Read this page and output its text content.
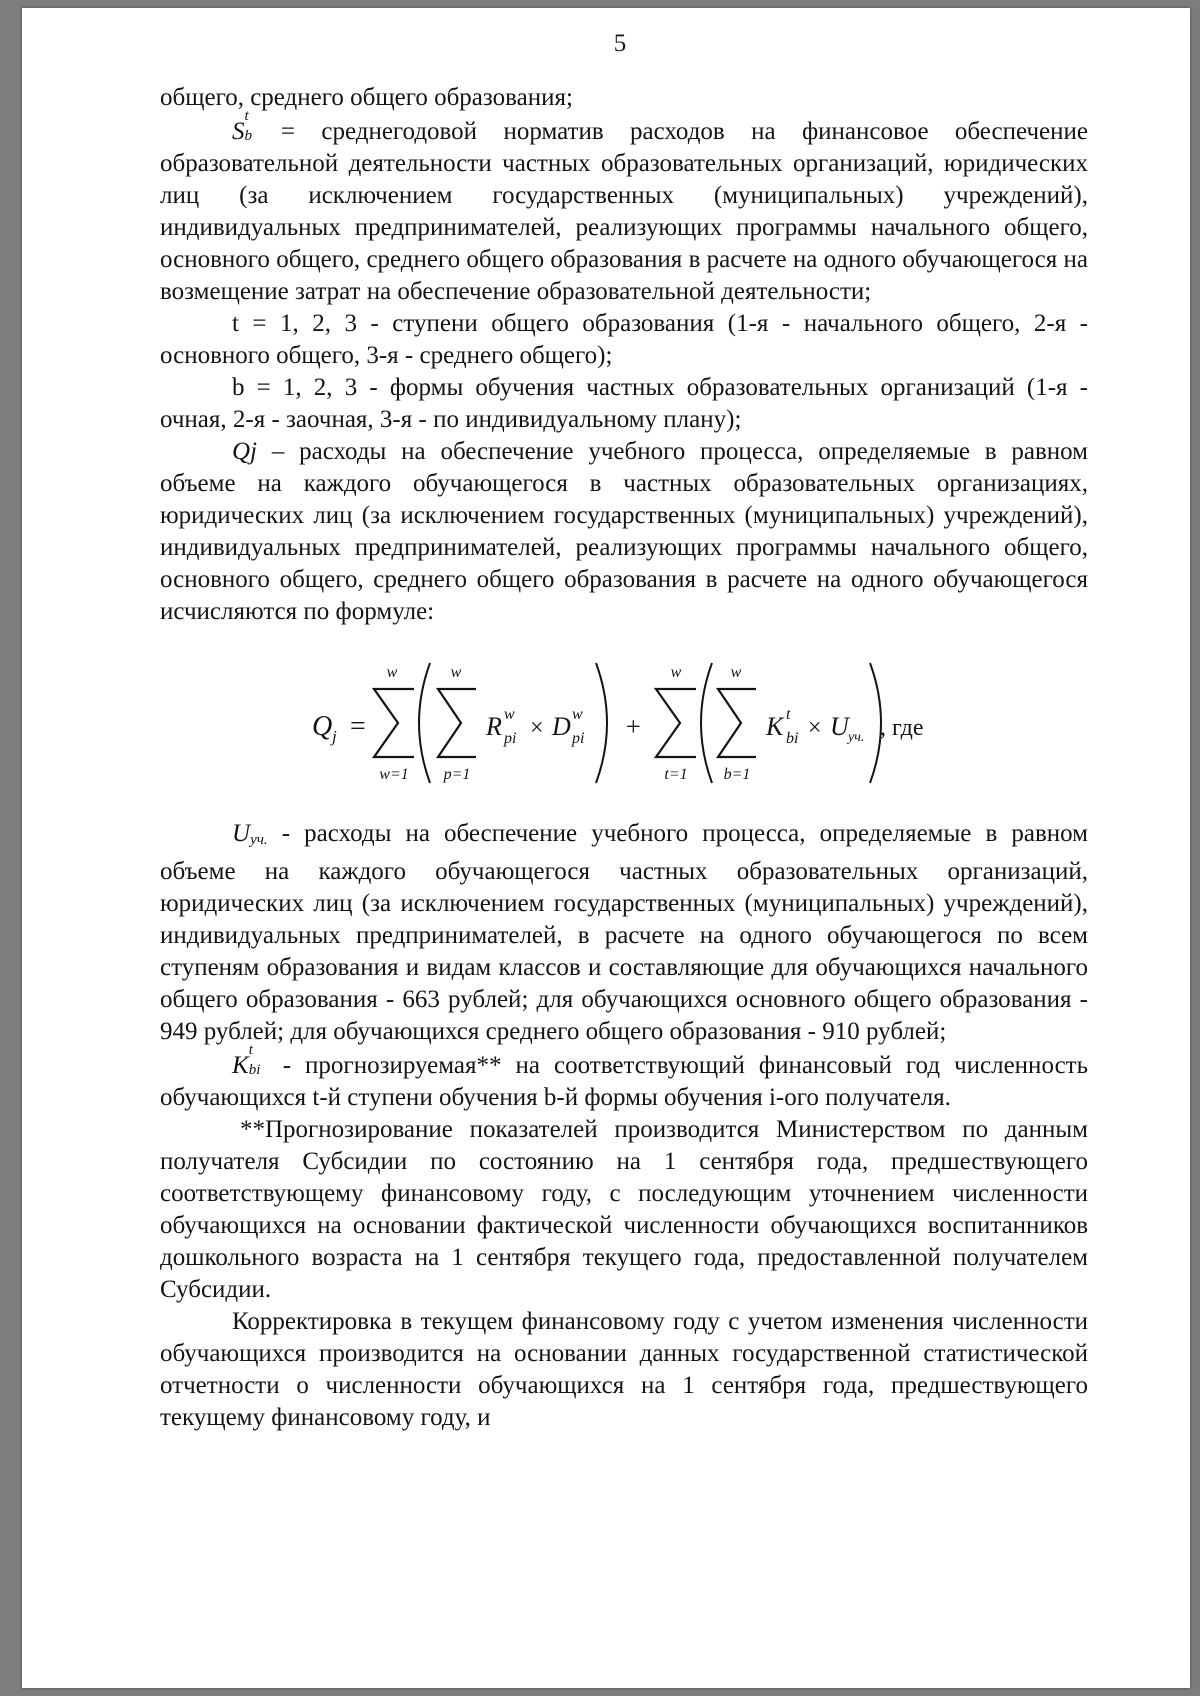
5

общего, среднего общего образования;

S
t
b = среднегодовой норматив расходов на финансовое обеспечение образовательной деятельности частных образовательных организаций, юридических лиц (за исключением государственных (муниципальных) учреждений), индивидуальных предпринимателей, реализующих программы начального общего, основного общего, среднего общего образования в расчете на одного обучающегося на возмещение затрат на обеспечение образовательной деятельности;

t = 1, 2, 3 - ступени общего образования (1-я - начального общего, 2-я - основного общего, 3-я - среднего общего);

b = 1, 2, 3 - формы обучения частных образовательных организаций (1-я - очная, 2-я - заочная, 3-я - по индивидуальному плану);

Qj – расходы на обеспечение учебного процесса, определяемые в равном объеме на каждого обучающегося в частных образовательных организациях, юридических лиц (за исключением государственных (муниципальных) учреждений), индивидуальных предпринимателей, реализующих программы начального общего, основного общего, среднего общего образования в расчете на одного обучающегося исчисляются по формуле:

Q j =
w
w=1
w
p=1
R w
pi × D w
pi +
w
t=1
w
b=1
K t
bi × U уч. , где

$U_{уч.}$ - расходы на обеспечение учебного процесса, определяемые в равном объеме на каждого обучающегося частных образовательных организаций, юридических лиц (за исключением государственных (муниципальных) учреждений), индивидуальных предпринимателей, в расчете на одного обучающегося по всем ступеням образования и видам классов и составляющие для обучающихся начального общего образования - 663 рублей; для обучающихся основного общего образования - 949 рублей; для обучающихся среднего общего образования - 910 рублей;

K
t
bi - прогнозируемая** на соответствующий финансовый год численность обучающихся t-й ступени обучения b-й формы обучения i-ого получателя.

**Прогнозирование показателей производится Министерством по данным получателя Субсидии по состоянию на 1 сентября года, предшествующего соответствующему финансовому году, с последующим уточнением численности обучающихся на основании фактической численности обучающихся воспитанников дошкольного возраста на 1 сентября текущего года, предоставленной получателем Субсидии.

Корректировка в текущем финансовому году с учетом изменения численности обучающихся производится на основании данных государственной статистической отчетности о численности обучающихся на 1 сентября года, предшествующего текущему финансовому году, и
